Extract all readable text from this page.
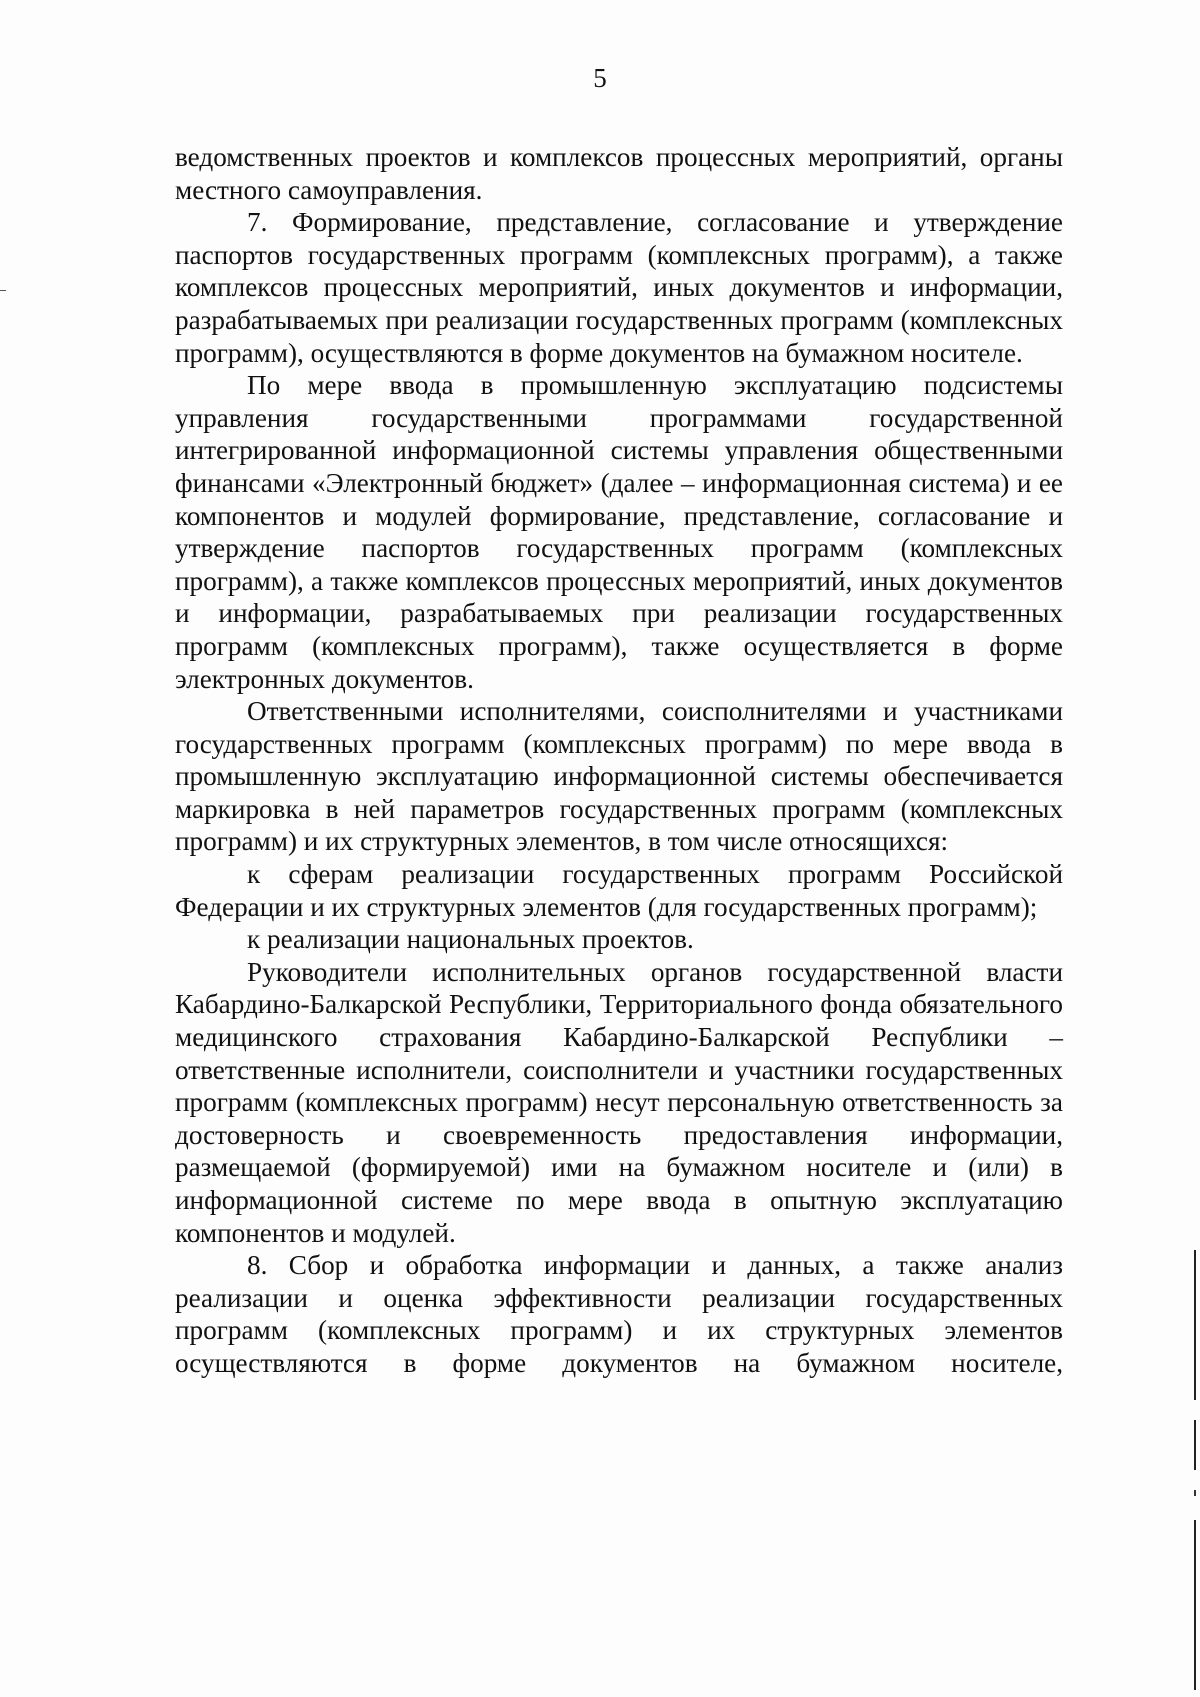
5

ведомственных проектов и комплексов процессных мероприятий, органы местного самоуправления.

7. Формирование, представление, согласование и утверждение паспортов государственных программ (комплексных программ), а также комплексов процессных мероприятий, иных документов и информации, разрабатываемых при реализации государственных программ (комплексных программ), осуществляются в форме документов на бумажном носителе.

По мере ввода в промышленную эксплуатацию подсистемы управления государственными программами государственной интегрированной информационной системы управления общественными финансами «Электронный бюджет» (далее – информационная система) и ее компонентов и модулей формирование, представление, согласование и утверждение паспортов государственных программ (комплексных программ), а также комплексов процессных мероприятий, иных документов и информации, разрабатываемых при реализации государственных программ (комплексных программ), также осуществляется в форме электронных документов.

Ответственными исполнителями, соисполнителями и участниками государственных программ (комплексных программ) по мере ввода в промышленную эксплуатацию информационной системы обеспечивается маркировка в ней параметров государственных программ (комплексных программ) и их структурных элементов, в том числе относящихся:

к сферам реализации государственных программ Российской Федерации и их структурных элементов (для государственных программ);

к реализации национальных проектов.

Руководители исполнительных органов государственной власти Кабардино-Балкарской Республики, Территориального фонда обязательного медицинского страхования Кабардино-Балкарской Республики – ответственные исполнители, соисполнители и участники государственных программ (комплексных программ) несут персональную ответственность за достоверность и своевременность предоставления информации, размещаемой (формируемой) ими на бумажном носителе и (или) в информационной системе по мере ввода в опытную эксплуатацию компонентов и модулей.

8. Сбор и обработка информации и данных, а также анализ реализации и оценка эффективности реализации государственных программ (комплексных программ) и их структурных элементов осуществляются в форме документов на бумажном носителе,
